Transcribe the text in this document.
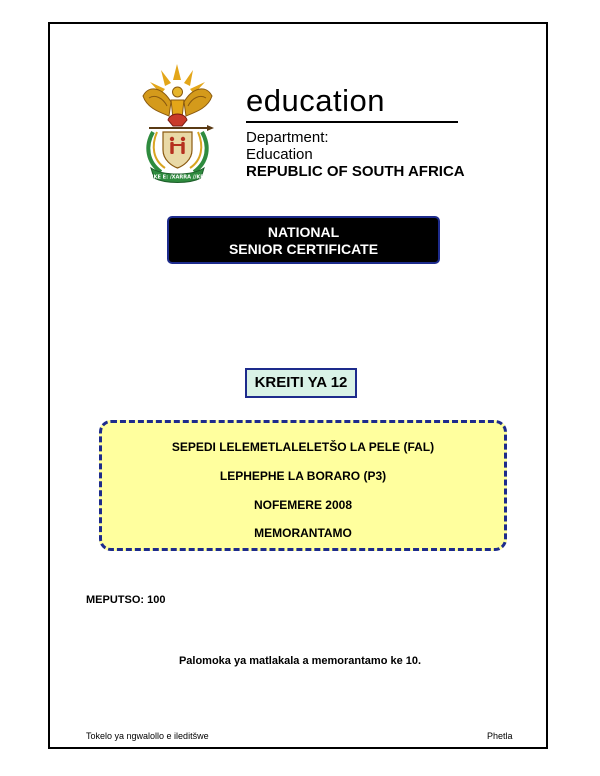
!KE E: /XARRA //KE
education
Department:
Education
REPUBLIC OF SOUTH AFRICA
NATIONAL
SENIOR CERTIFICATE
KREITI YA 12
SEPEDI LELEMETLALELETŠO LA PELE (FAL)
LEPHEPHE LA BORARO (P3)
NOFEMERE 2008
MEMORANTAMO
MEPUTSO: 100
Palomoka ya matlakala a memorantamo ke 10.
Tokelo ya ngwalollo e ileditšwe	Phetla
